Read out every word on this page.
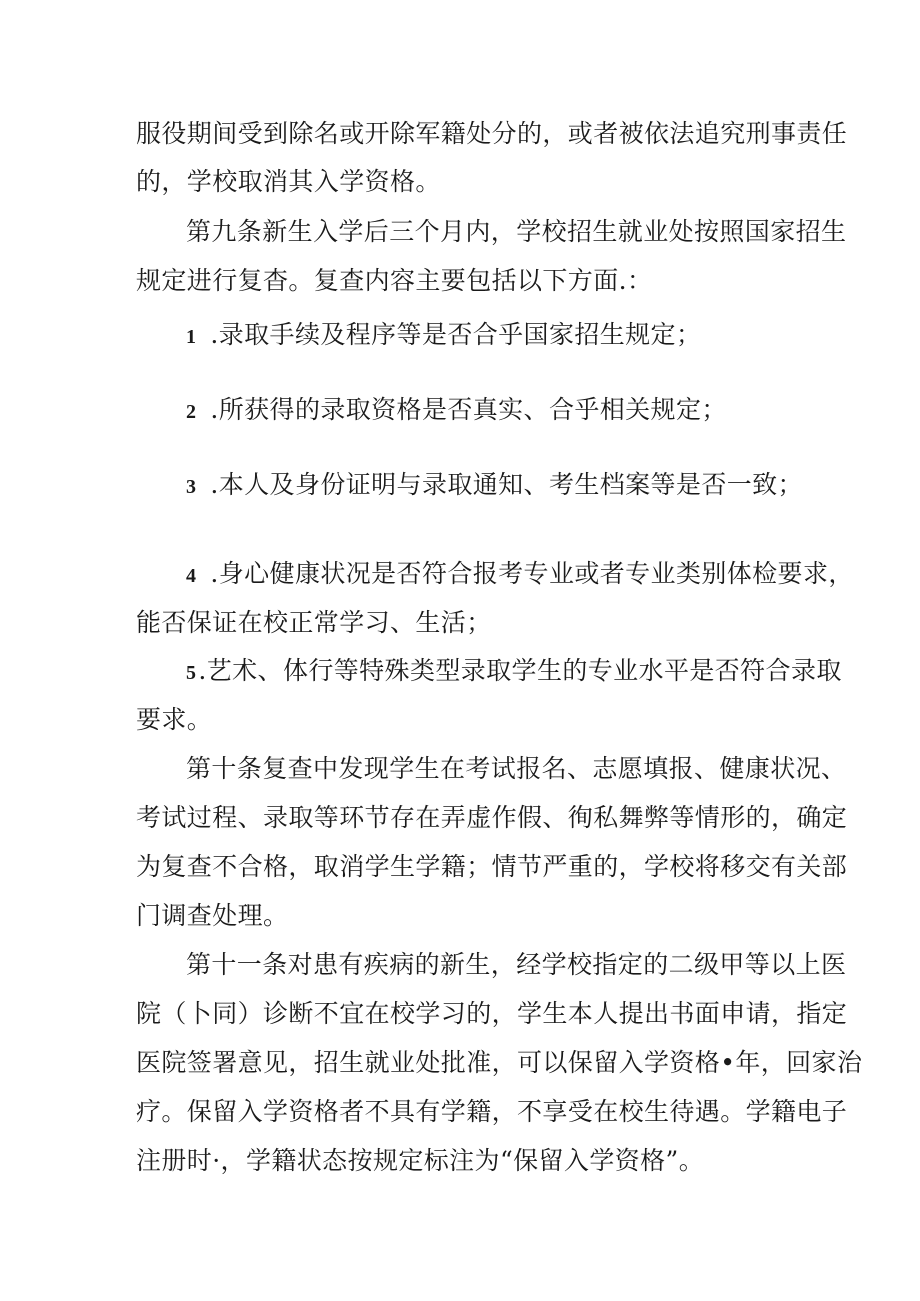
服役期间受到除名或开除军籍处分的，或者被依法追究刑事责任
的，学校取消其入学资格。
第九条新生入学后三个月内，学校招生就业处按照国家招生
规定进行复杳。复查内容主要包括以下方面.：
1 .录取手续及程序等是否合乎国家招生规定；
2 .所获得的录取资格是否真实、合乎相关规定；
3 .本人及身份证明与录取通知、考生档案等是否一致；
4 .身心健康状况是否符合报考专业或者专业类别体检要求，
能否保证在校正常学习、生活；
5.艺术、体行等特殊类型录取学生的专业水平是否符合录取
要求。
第十条复查中发现学生在考试报名、志愿填报、健康状况、
考试过程、录取等环节存在弄虚作假、徇私舞弊等情形的，确定
为复查不合格，取消学生学籍；情节严重的，学校将移交有关部
门调查处理。
第十一条对患有疾病的新生，经学校指定的二级甲等以上医
院（卜同）诊断不宜在校学习的，学生本人提出书面申请，指定
医院签署意见，招生就业处批准，可以保留入学资格•年，回家治
疗。保留入学资格者不具有学籍，不享受在校生待遇。学籍电子
注册时·，学籍状态按规定标注为“保留入学资格”。
